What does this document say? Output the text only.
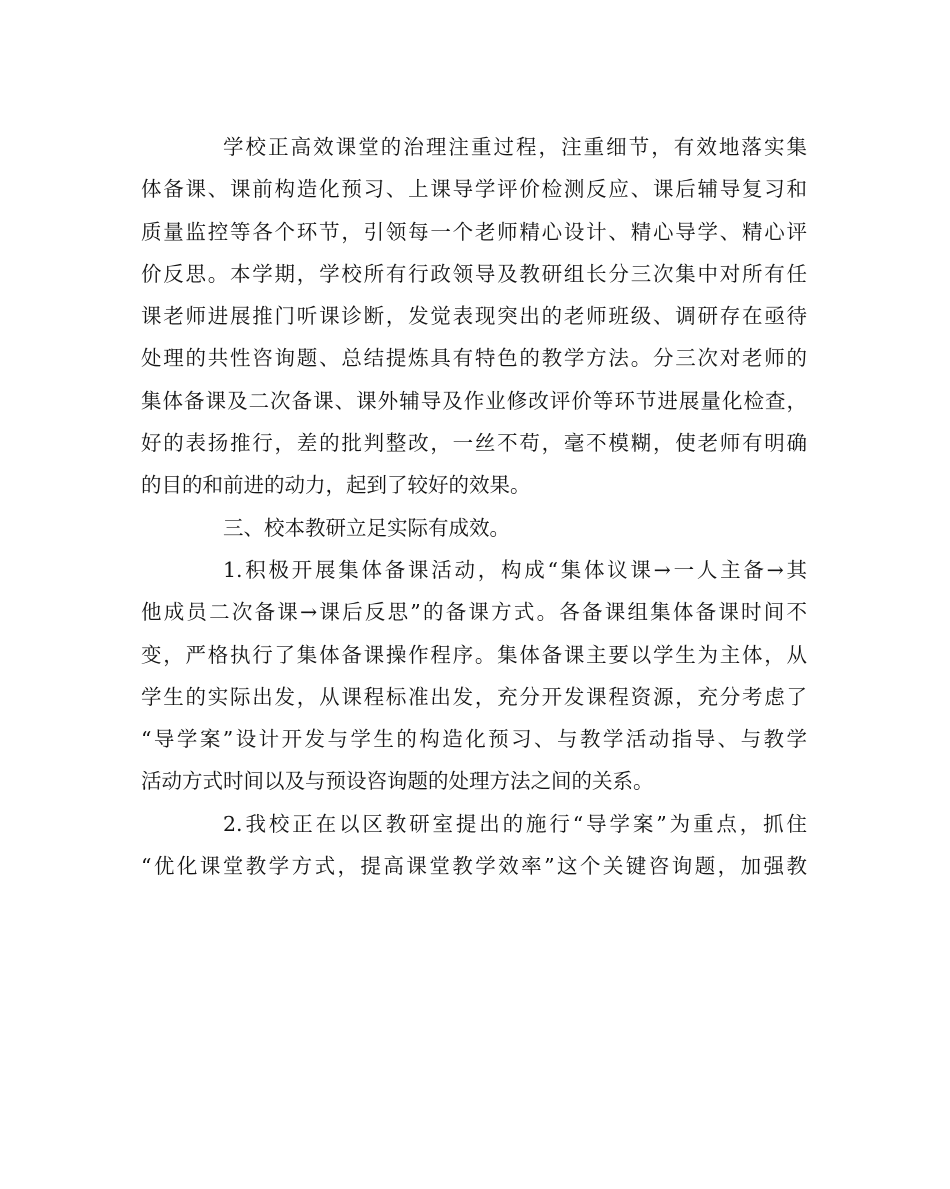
学校正高效课堂的治理注重过程，注重细节，有效地落实集
体备课、课前构造化预习、上课导学评价检测反应、课后辅导复习和
质量监控等各个环节，引领每一个老师精心设计、精心导学、精心评
价反思。本学期，学校所有行政领导及教研组长分三次集中对所有任
课老师进展推门听课诊断，发觉表现突出的老师班级、调研存在亟待
处理的共性咨询题、总结提炼具有特色的教学方法。分三次对老师的
集体备课及二次备课、课外辅导及作业修改评价等环节进展量化检查，
好的表扬推行，差的批判整改，一丝不苟，毫不模糊，使老师有明确
的目的和前进的动力，起到了较好的效果。
三、校本教研立足实际有成效。
1.积极开展集体备课活动，构成“集体议课→一人主备→其
他成员二次备课→课后反思”的备课方式。各备课组集体备课时间不
变，严格执行了集体备课操作程序。集体备课主要以学生为主体，从
学生的实际出发，从课程标准出发，充分开发课程资源，充分考虑了
“导学案”设计开发与学生的构造化预习、与教学活动指导、与教学
活动方式时间以及与预设咨询题的处理方法之间的关系。
2.我校正在以区教研室提出的施行“导学案”为重点，抓住
“优化课堂教学方式，提高课堂教学效率”这个关键咨询题，加强教
